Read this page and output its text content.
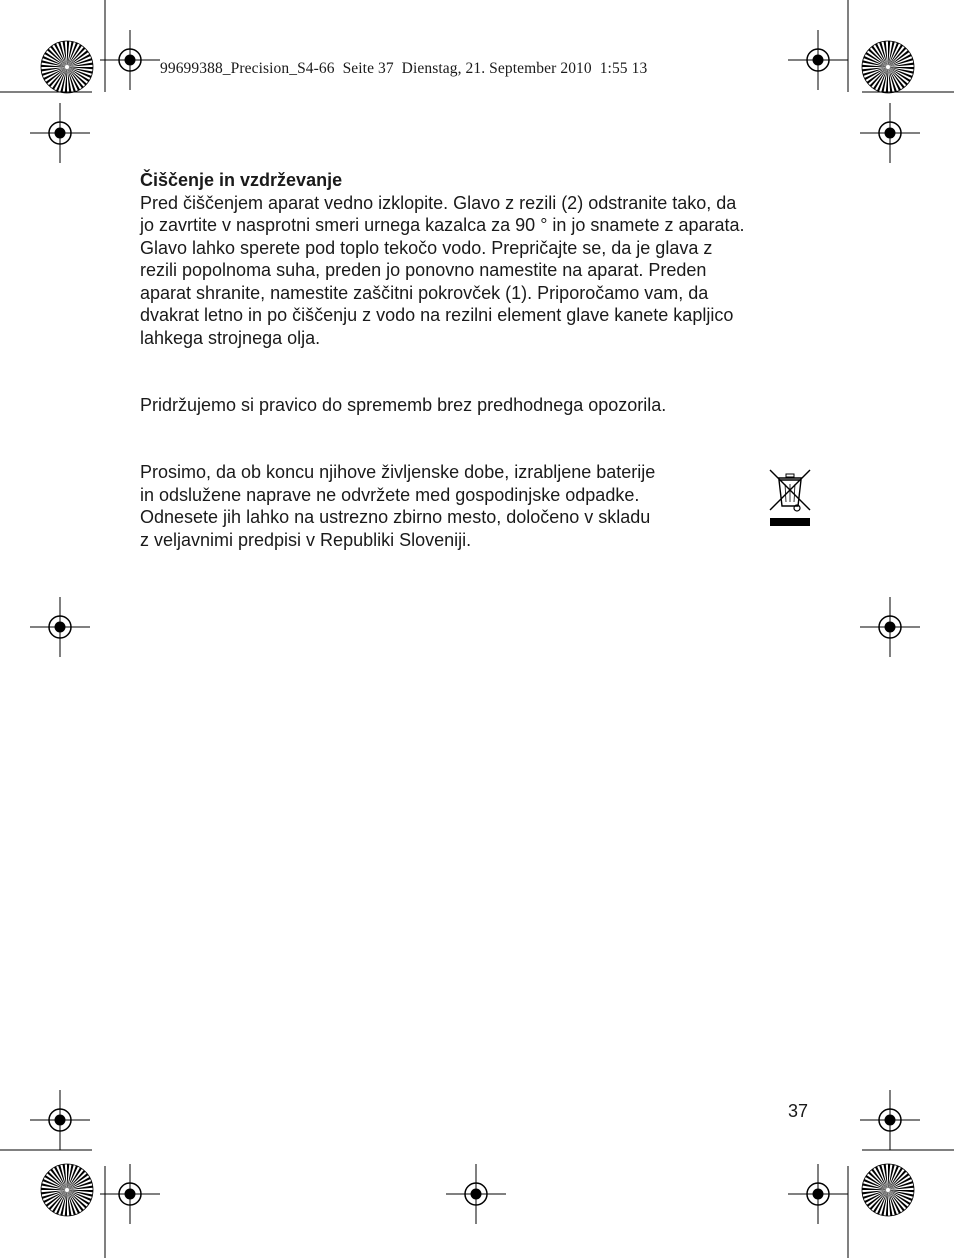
99699388_Precision_S4-66  Seite 37  Dienstag, 21. September 2010  1:55 13
Čiščenje in vzdrževanje
Pred čiščenjem aparat vedno izklopite. Glavo z rezili (2) odstranite tako, da
jo zavrtite v nasprotni smeri urnega kazalca za 90 ° in jo snamete z aparata.
Glavo lahko sperete pod toplo tekočo vodo. Prepričajte se, da je glava z
rezili popolnoma suha, preden jo ponovno namestite na aparat. Preden
aparat shranite, namestite zaščitni pokrovček (1). Priporočamo vam, da
dvakrat letno in po čiščenju z vodo na rezilni element glave kanete kapljico
lahkega strojnega olja.
Pridržujemo si pravico do sprememb brez predhodnega opozorila.
Prosimo, da ob koncu njihove življenske dobe, izrabljene baterije
in odslužene naprave ne odvržete med gospodinjske odpadke.
Odnesete jih lahko na ustrezno zbirno mesto, določeno v skladu
z veljavnimi predpisi v Republiki Sloveniji.
37
